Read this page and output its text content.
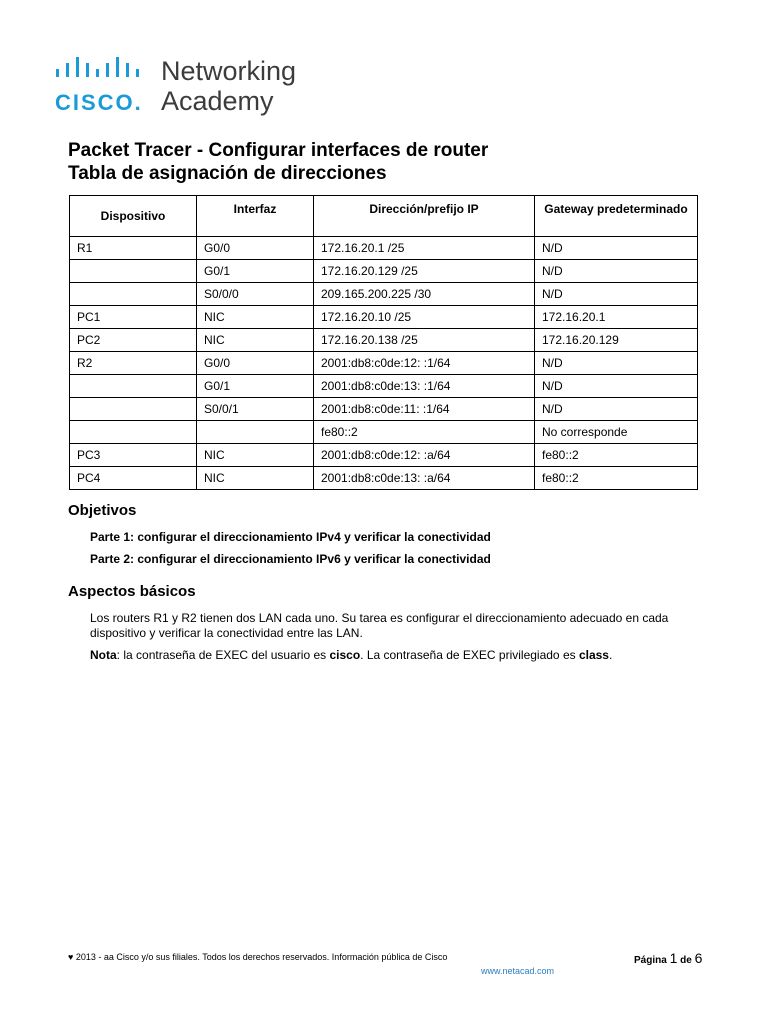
CISCO.
Networking
Academy
Packet Tracer - Configurar interfaces de router
Tabla de asignación de direcciones
Dispositivo	Interfaz	Dirección/prefijo IP	Gateway predeterminado
R1	G0/0	172.16.20.1 /25	N/D
	G0/1	172.16.20.129 /25	N/D
	S0/0/0	209.165.200.225 /30	N/D
PC1	NIC	172.16.20.10 /25	172.16.20.1
PC2	NIC	172.16.20.138 /25	172.16.20.129
R2	G0/0	2001:db8:c0de:12: :1/64	N/D
	G0/1	2001:db8:c0de:13: :1/64	N/D
	S0/0/1	2001:db8:c0de:11: :1/64	N/D
		fe80::2	No corresponde
PC3	NIC	2001:db8:c0de:12: :a/64	fe80::2
PC4	NIC	2001:db8:c0de:13: :a/64	fe80::2
Objetivos
Parte 1: configurar el direccionamiento IPv4 y verificar la conectividad
Parte 2: configurar el direccionamiento IPv6 y verificar la conectividad
Aspectos básicos
Los routers R1 y R2 tienen dos LAN cada uno. Su tarea es configurar el direccionamiento adecuado en cada dispositivo y verificar la conectividad entre las LAN.
Nota: la contraseña de EXEC del usuario es cisco. La contraseña de EXEC privilegiado es class.
♥ 2013 - aa Cisco y/o sus filiales. Todos los derechos reservados. Información pública de Cisco
www.netacad.com
Página 1 de 6
